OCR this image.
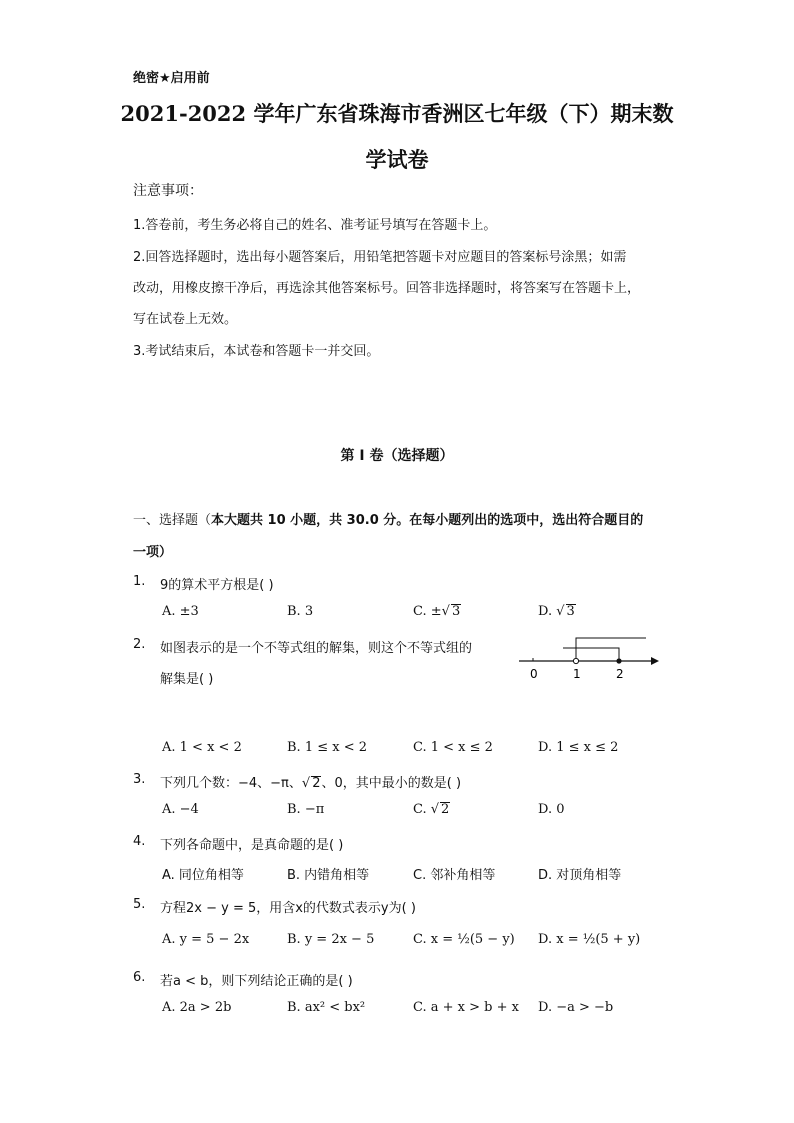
绝密★启用前
2021-2022 学年广东省珠海市香洲区七年级（下）期末数
学试卷
注意事项：
1.答卷前，考生务必将自己的姓名、准考证号填写在答题卡上。
2.回答选择题时，选出每小题答案后，用铅笔把答题卡对应题目的答案标号涂黑；如需
改动，用橡皮擦干净后，再选涂其他答案标号。回答非选择题时，将答案写在答题卡上，
写在试卷上无效。
3.考试结束后，本试卷和答题卡一并交回。
第 I 卷（选择题）
一、选择题（本大题共 10 小题，共 30.0 分。在每小题列出的选项中，选出符合题目的
一项）
1. 9的算术平方根是( )
A. ±3	B. 3	C. ±√ 3	D. √ 3
2. 如图表示的是一个不等式组的解集，则这个不等式组的
解集是( )	0	1	2
A. 1 < x < 2	B. 1 ≤ x < 2	C. 1 < x ≤ 2	D. 1 ≤ x ≤ 2
3. 下列几个数：−4、−π、√ 2、0，其中最小的数是( )
A. −4	B. −π	C. √ 2	D. 0
4. 下列各命题中，是真命题的是( )
A. 同位角相等	B. 内错角相等	C. 邻补角相等	D. 对顶角相等
5. 方程2x − y = 5，用含x的代数式表示y为( )
A. y = 5 − 2x	B. y = 2x − 5	C. x = ½(5 − y) D. x = ½(5 + y)
6. 若a < b，则下列结论正确的是( )
A. 2a > 2b	B. ax² < bx²	C. a + x > b + x D. −a > −b
